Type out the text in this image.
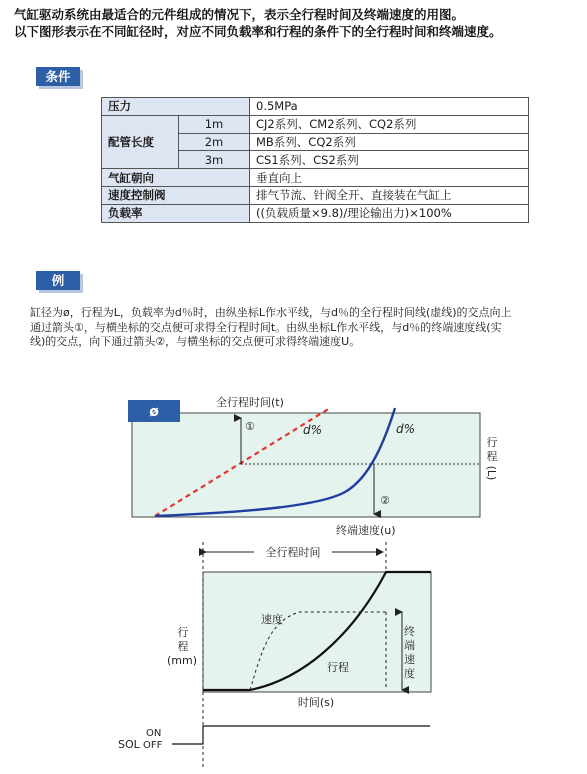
气缸驱动系统由最适合的元件组成的情况下，表示全行程时间及终端速度的用图。
以下图形表示在不同缸径时，对应不同负载率和行程的条件下的全行程时间和终端速度。
条件
压力		0.5MPa
配管长度	1m	CJ2系列、CM2系列、CQ2系列
	2m	MB系列、CQ2系列
	3m	CS1系列、CS2系列
气缸朝向		垂直向上
速度控制阀		排气节流、针阀全开、直接装在气缸上
负载率		((负载质量×9.8)/理论输出力)×100%
例
缸径为ø，行程为L，负载率为d％时，由纵坐标L作水平线，与d％的全行程时间线(虚线)的交点向上
通过箭头①，与横坐标的交点便可求得全行程时间t。由纵坐标L作水平线，与d％的终端速度线(实
线)的交点，向下通过箭头②，与横坐标的交点便可求得终端速度U。
ø
全行程时间(t)
①
②
d%	d%
行
程
(L)
终端速度(u)
全行程时间
速度
行程
终
端
速
度
行
程
(mm)
时间(s)
SOL
ON
OFF
